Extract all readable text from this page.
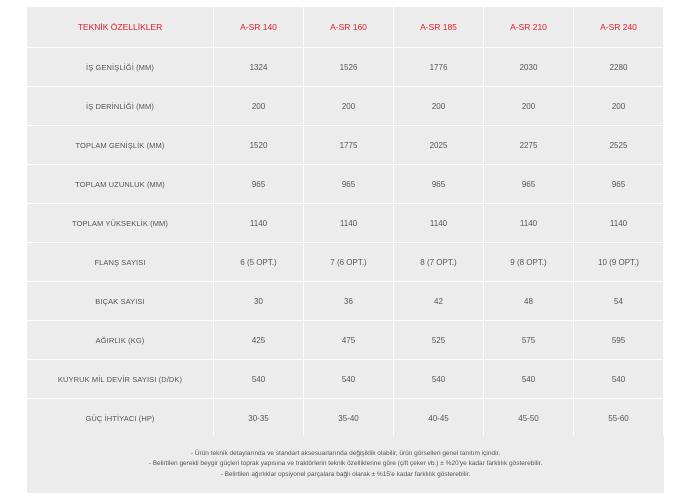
TEKNİK ÖZELLİKLER	A-SR 140	A-SR 160	A-SR 185	A-SR 210	A-SR 240
İŞ GENİŞLİĞİ (MM)	1324	1526	1776	2030	2280
İŞ DERİNLİĞİ (MM)	200	200	200	200	200
TOPLAM GENİŞLİK (MM)	1520	1775	2025	2275	2525
TOPLAM UZUNLUK (MM)	965	965	965	965	965
TOPLAM YÜKSEKLİK (MM)	1140	1140	1140	1140	1140
FLANŞ SAYISI	6 (5 OPT.)	7 (6 OPT.)	8 (7 OPT.)	9 (8 OPT.)	10 (9 OPT.)
BIÇAK SAYISI	30	36	42	48	54
AĞIRLIK (KG)	425	475	525	575	595
KUYRUK MİL DEVİR SAYISI (D/DK)	540	540	540	540	540
GÜÇ İHTİYACI (HP)	30-35	35-40	40-45	45-50	55-60
- Ürün teknik detaylarında ve standart aksesuarlarında değişiklik olabilir, ürün görselleri genel tanıtım içindir.
- Belirtilen gerekli beygir güçleri toprak yapısına ve traktörlerin teknik özelliklerine göre (çift çeker vb.) ± %20'ye kadar farklılık gösterebilir.
- Belirtilen ağırlıklar opsiyonel parçalara bağlı olarak ± %15'e kadar farklılık gösterebilir.
